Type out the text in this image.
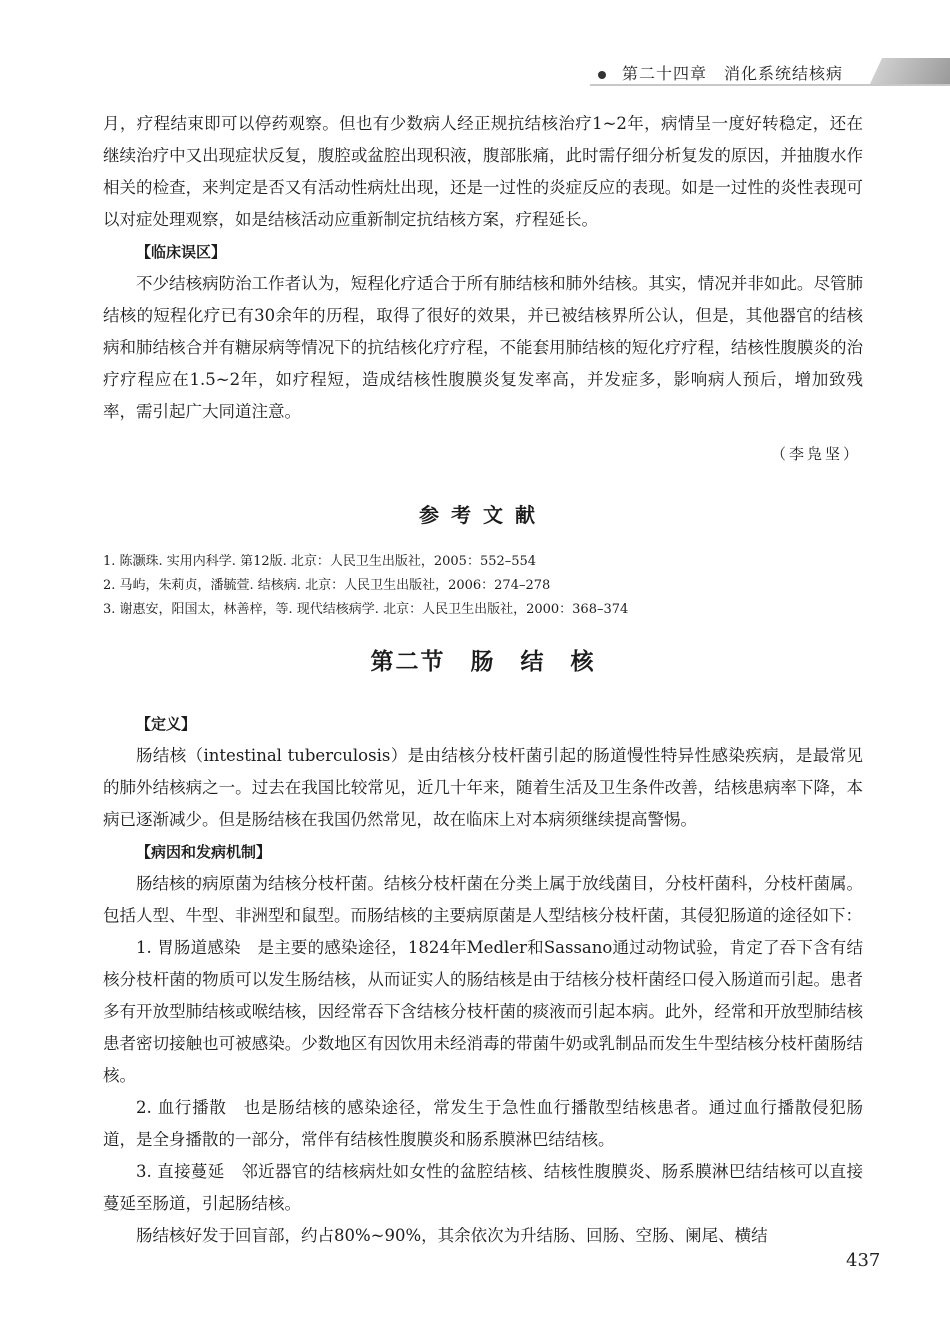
第二十四章　消化系统结核病

月，疗程结束即可以停药观察。但也有少数病人经正规抗结核治疗1~2年，病情呈一度好转稳定，还在继续治疗中又出现症状反复，腹腔或盆腔出现积液，腹部胀痛，此时需仔细分析复发的原因，并抽腹水作相关的检查，来判定是否又有活动性病灶出现，还是一过性的炎症反应的表现。如是一过性的炎性表现可以对症处理观察，如是结核活动应重新制定抗结核方案，疗程延长。

【临床误区】

不少结核病防治工作者认为，短程化疗适合于所有肺结核和肺外结核。其实，情况并非如此。尽管肺结核的短程化疗已有30余年的历程，取得了很好的效果，并已被结核界所公认，但是，其他器官的结核病和肺结核合并有糖尿病等情况下的抗结核化疗疗程，不能套用肺结核的短化疗疗程，结核性腹膜炎的治疗疗程应在1.5~2年，如疗程短，造成结核性腹膜炎复发率高，并发症多，影响病人预后，增加致残率，需引起广大同道注意。

（李凫坚）
参考文献

1. 陈灏珠. 实用内科学. 第12版. 北京：人民卫生出版社，2005：552–554

2. 马屿，朱莉贞，潘毓萱. 结核病. 北京：人民卫生出版社，2006：274–278

3. 谢惠安，阳国太，林善梓，等. 现代结核病学. 北京：人民卫生出版社，2000：368–374

第二节　肠　结　核
【定义】

肠结核（intestinal tuberculosis）是由结核分枝杆菌引起的肠道慢性特异性感染疾病，是最常见的肺外结核病之一。过去在我国比较常见，近几十年来，随着生活及卫生条件改善，结核患病率下降，本病已逐渐减少。但是肠结核在我国仍然常见，故在临床上对本病须继续提高警惕。

【病因和发病机制】

肠结核的病原菌为结核分枝杆菌。结核分枝杆菌在分类上属于放线菌目，分枝杆菌科，分枝杆菌属。包括人型、牛型、非洲型和鼠型。而肠结核的主要病原菌是人型结核分枝杆菌，其侵犯肠道的途径如下：

1. 胃肠道感染　是主要的感染途径，1824年Medler和Sassano通过动物试验，肯定了吞下含有结核分枝杆菌的物质可以发生肠结核，从而证实人的肠结核是由于结核分枝杆菌经口侵入肠道而引起。患者多有开放型肺结核或喉结核，因经常吞下含结核分枝杆菌的痰液而引起本病。此外，经常和开放型肺结核患者密切接触也可被感染。少数地区有因饮用未经消毒的带菌牛奶或乳制品而发生牛型结核分枝杆菌肠结核。

2. 血行播散　也是肠结核的感染途径，常发生于急性血行播散型结核患者。通过血行播散侵犯肠道，是全身播散的一部分，常伴有结核性腹膜炎和肠系膜淋巴结结核。

3. 直接蔓延　邻近器官的结核病灶如女性的盆腔结核、结核性腹膜炎、肠系膜淋巴结结核可以直接蔓延至肠道，引起肠结核。

肠结核好发于回盲部，约占80%~90%，其余依次为升结肠、回肠、空肠、阑尾、横结

437
